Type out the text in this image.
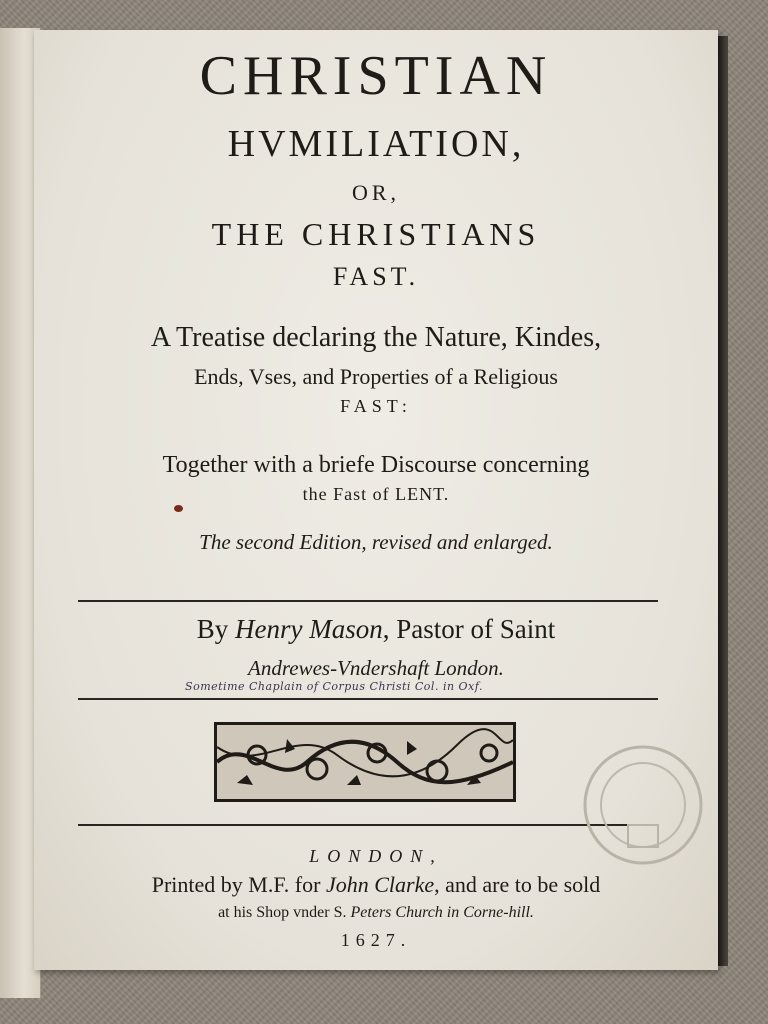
CHRISTIAN
HVMILIATION,
OR,
THE CHRISTIANS
FAST.
A Treatise declaring the Nature, Kindes,
Ends, Vses, and Properties of a Religious
FAST:
Together with a briefe Discourse concerning
the Fast of LENT.
The second Edition, revised and enlarged.
By Henry Mason, Pastor of Saint
Andrewes-Vndershaft London.
Sometime Chaplain of Corpus Christi Col. in Oxf.
LONDON,
Printed by M.F. for John Clarke, and are to be sold
at his Shop vnder S. Peters Church in Corne-hill.
1627.
